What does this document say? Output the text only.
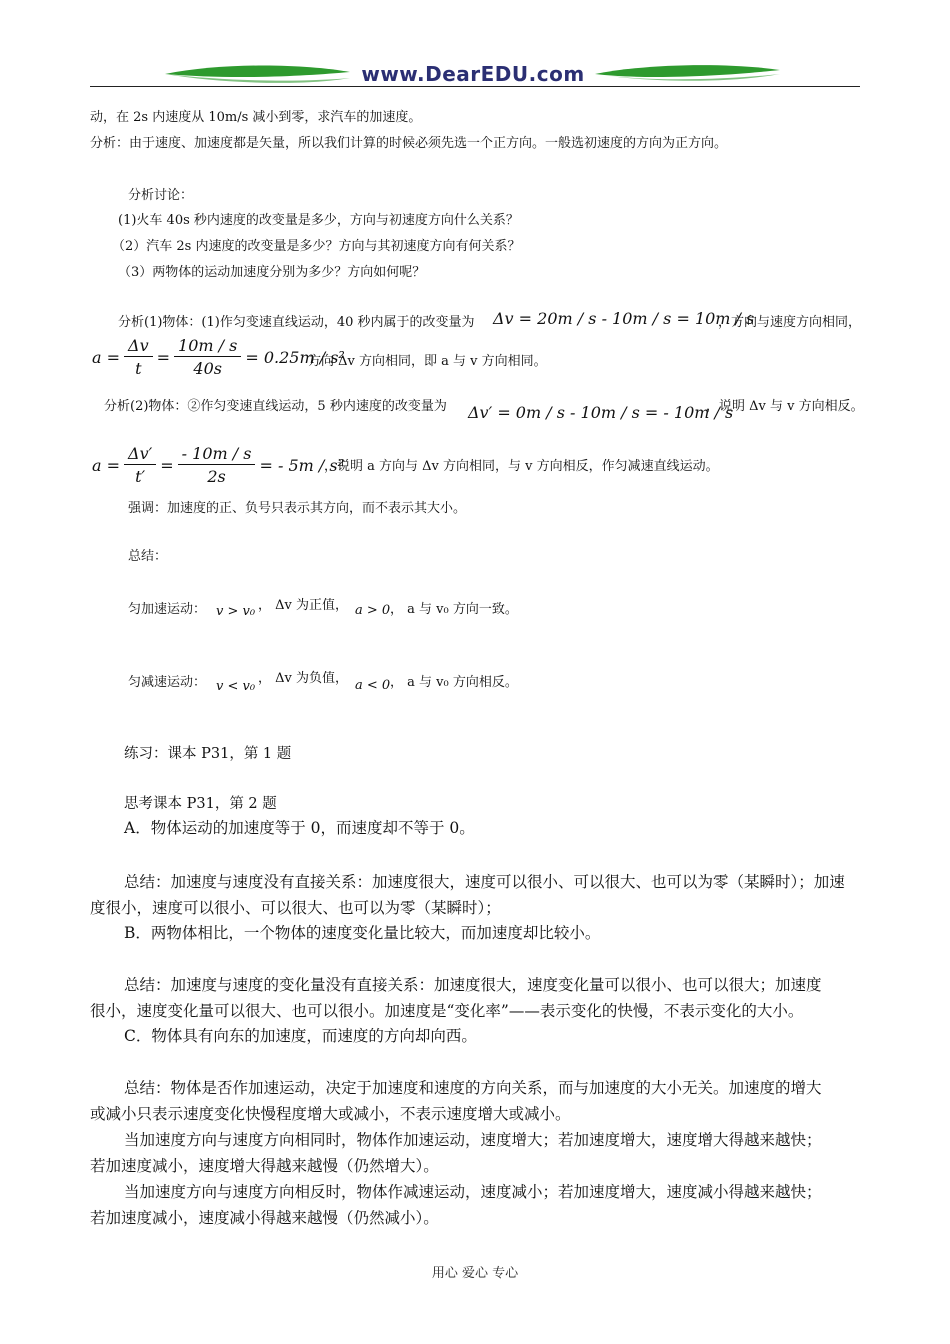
www.DearEDU.com
动，在 2s 内速度从 10m/s 减小到零，求汽车的加速度。
分析：由于速度、加速度都是矢量，所以我们计算的时候必须先选一个正方向。一般选初速度的方向为正方向。
分析讨论：
(1)火车 40s 秒内速度的改变量是多少，方向与初速度方向什么关系？
（2）汽车 2s 内速度的改变量是多少？方向与其初速度方向有何关系？
（3）两物体的运动加速度分别为多少？方向如何呢？
分析(1)物体：(1)作匀变速直线运动，40 秒内属于的改变量为 Δv = 20m / s - 10m / s = 10m / s
，方向与速度方向相同，
$a = \frac{\Delta v}{t} = \frac{10m / s}{40s} = 0.25m / s^2$
方向 Δv 方向相同，即 a 与 v 方向相同。
分析(2)物体：②作匀变速直线运动，5 秒内速度的改变量为 Δv′ = 0m / s - 10m / s = - 10m / s
，说明 Δv 与 v 方向相反。
$a = \frac{\Delta v'}{t'} = \frac{- 10m / s}{2s}$ = - 5m / s²
，说明 a 方向与 Δv 方向相同，与 v 方向相反，作匀减速直线运动。
强调：加速度的正、负号只表示其方向，而不表示其大小。
总结：
匀加速运动： v > v₀ ， Δv 为正值， a > 0 ， a 与 v₀ 方向一致。
匀减速运动： v < v₀
， Δv 为负值， a < 0 ， a 与 v₀ 方向相反。
练习：课本 P31，第 1 题
思考课本 P31，第 2 题
A．物体运动的加速度等于 0，而速度却不等于 0。
总结：加速度与速度没有直接关系：加速度很大，速度可以很小、可以很大、也可以为零（某瞬时）；加速
度很小，速度可以很小、可以很大、也可以为零（某瞬时）；
B．两物体相比，一个物体的速度变化量比较大，而加速度却比较小。
总结：加速度与速度的变化量没有直接关系：加速度很大，速度变化量可以很小、也可以很大；加速度
很小，速度变化量可以很大、也可以很小。加速度是“变化率”——表示变化的快慢，不表示变化的大小。
C．物体具有向东的加速度，而速度的方向却向西。
总结：物体是否作加速运动，决定于加速度和速度的方向关系，而与加速度的大小无关。加速度的增大
或减小只表示速度变化快慢程度增大或减小，不表示速度增大或减小。
当加速度方向与速度方向相同时，物体作加速运动，速度增大；若加速度增大，速度增大得越来越快；
若加速度减小，速度增大得越来越慢（仍然增大）。
当加速度方向与速度方向相反时，物体作减速运动，速度减小；若加速度增大，速度减小得越来越快；
若加速度减小，速度减小得越来越慢（仍然减小）。
用心 爱心 专心
